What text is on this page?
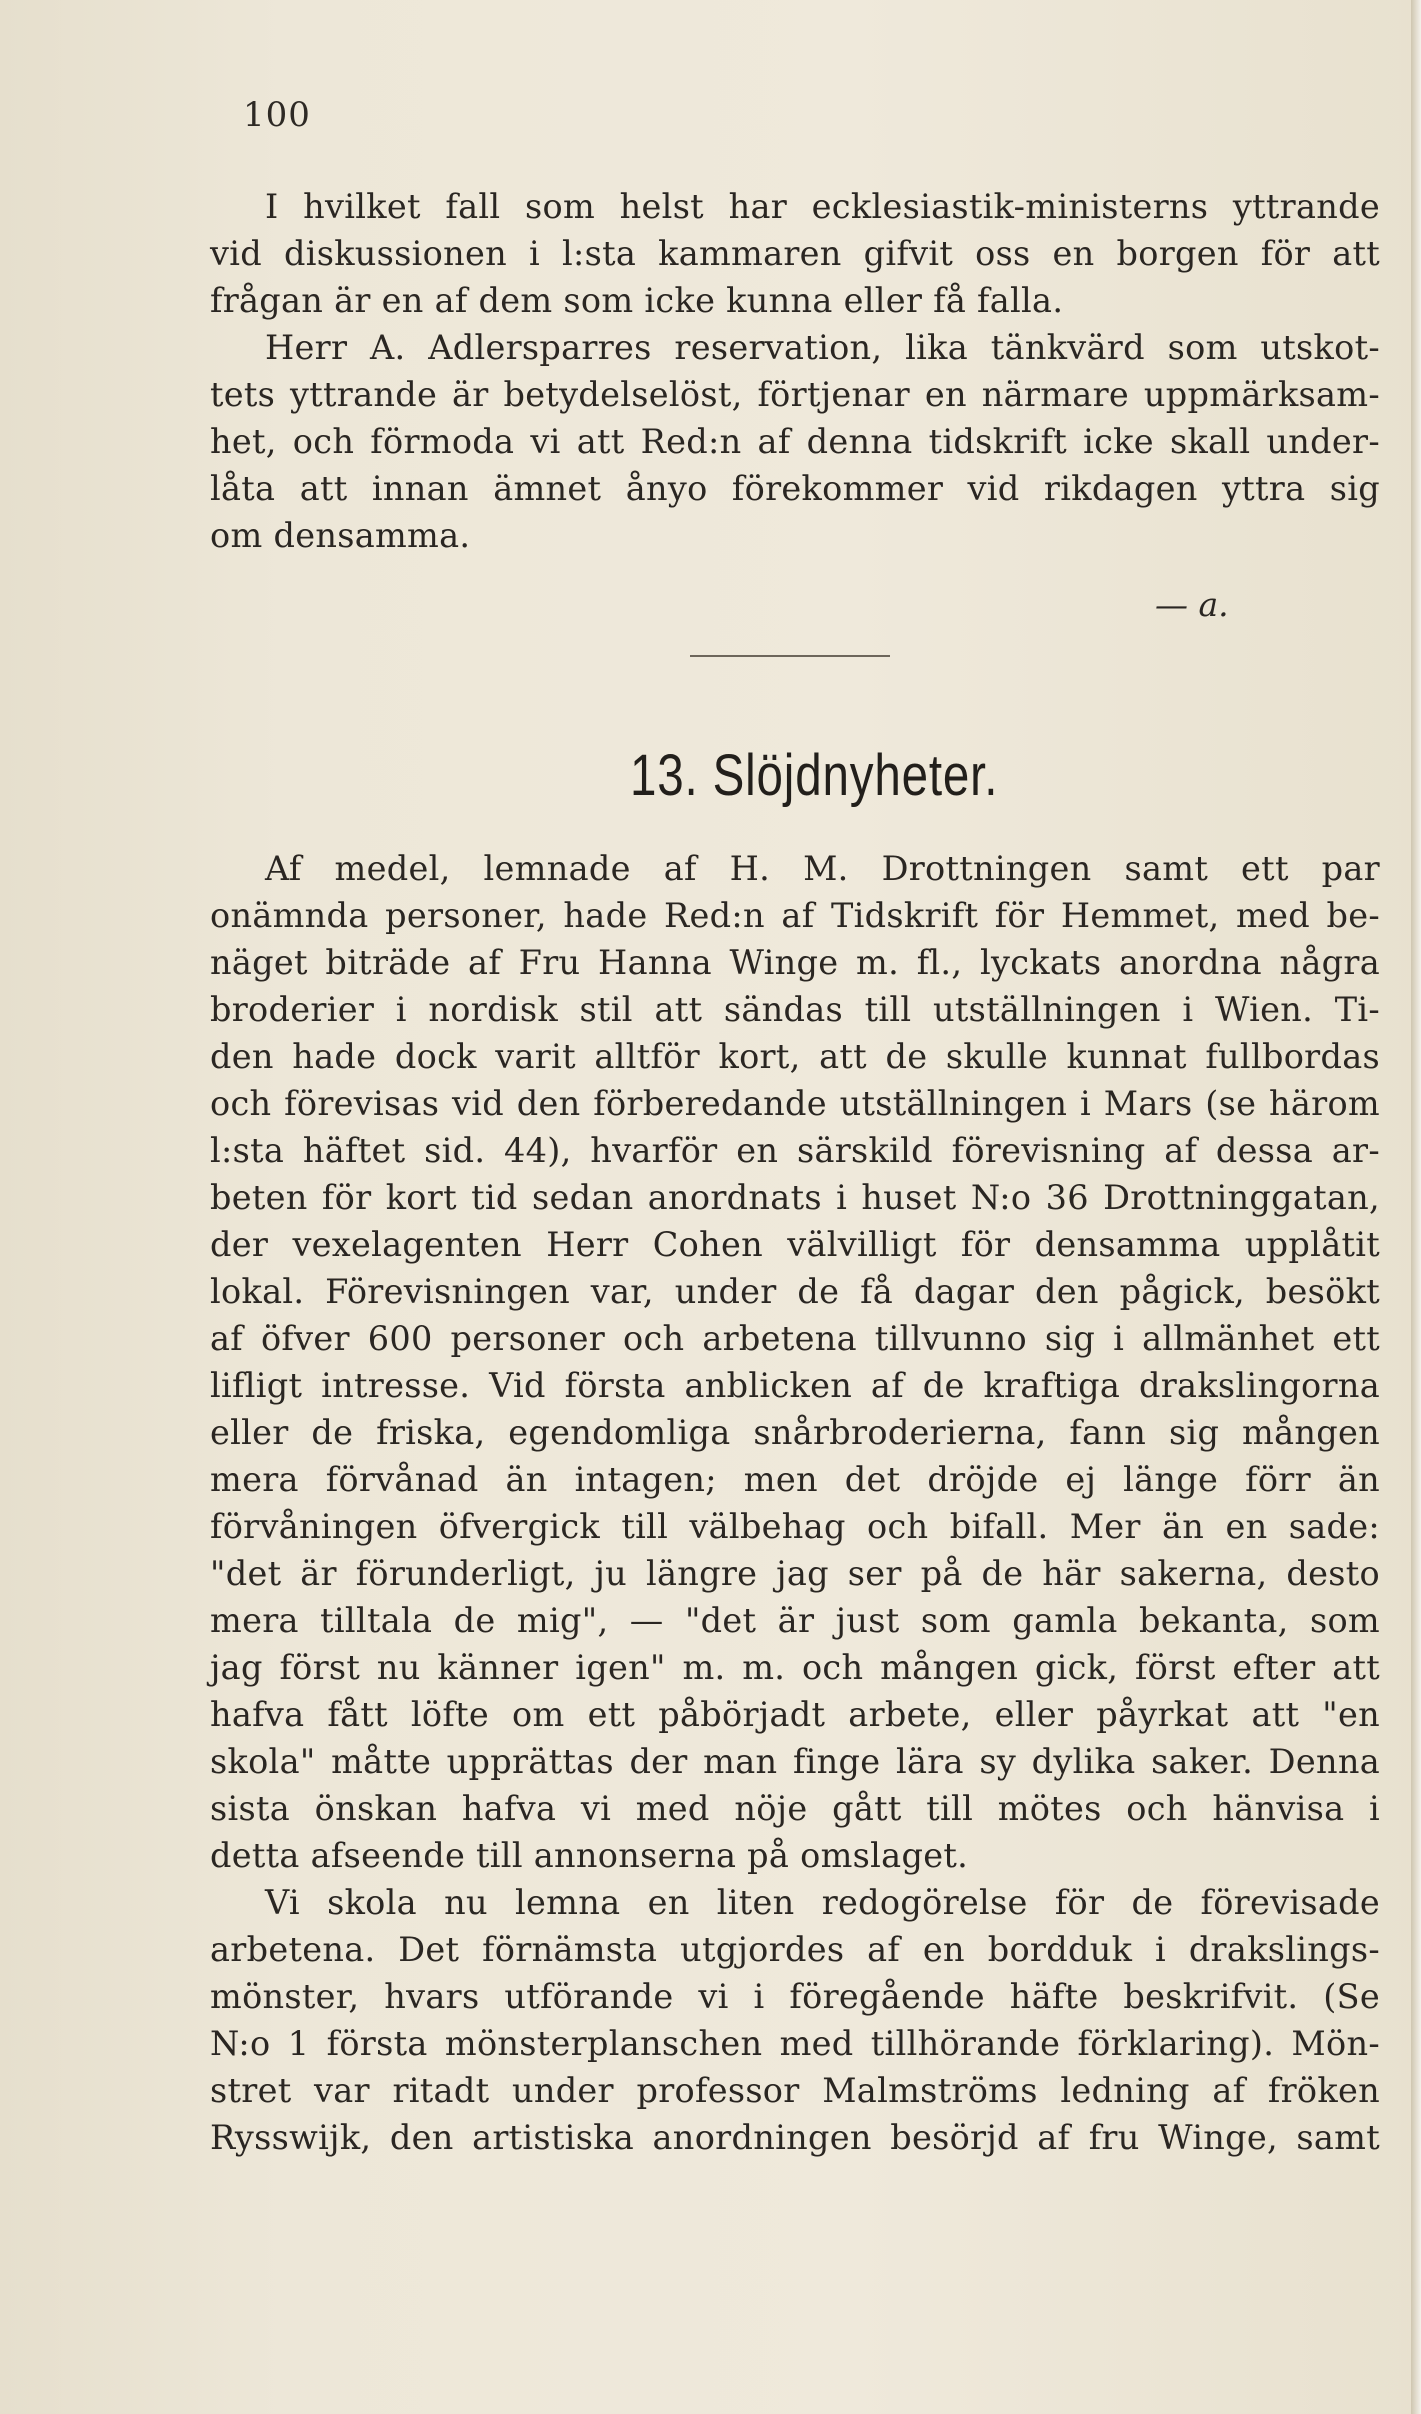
100
I hvilket fall som helst har ecklesiastik-ministerns yttrande
vid diskussionen i l:sta kammaren gifvit oss en borgen för att
frågan är en af dem som icke kunna eller få falla.
Herr A. Adlersparres reservation, lika tänkvärd som utskot-
tets yttrande är betydelselöst, förtjenar en närmare uppmärksam-
het, och förmoda vi att Red:n af denna tidskrift icke skall under-
låta att innan ämnet ånyo förekommer vid rikdagen yttra sig
om densamma.
— a.
13. Slöjdnyheter.
Af medel, lemnade af H. M. Drottningen samt ett par
onämnda personer, hade Red:n af Tidskrift för Hemmet, med be-
näget biträde af Fru Hanna Winge m. fl., lyckats anordna några
broderier i nordisk stil att sändas till utställningen i Wien. Ti-
den hade dock varit alltför kort, att de skulle kunnat fullbordas
och förevisas vid den förberedande utställningen i Mars (se härom
l:sta häftet sid. 44), hvarför en särskild förevisning af dessa ar-
beten för kort tid sedan anordnats i huset N:o 36 Drottninggatan,
der vexelagenten Herr Cohen välvilligt för densamma upplåtit
lokal. Förevisningen var, under de få dagar den pågick, besökt
af öfver 600 personer och arbetena tillvunno sig i allmänhet ett
lifligt intresse. Vid första anblicken af de kraftiga drakslingorna
eller de friska, egendomliga snårbroderierna, fann sig mången
mera förvånad än intagen; men det dröjde ej länge förr än
förvåningen öfvergick till välbehag och bifall. Mer än en sade:
"det är förunderligt, ju längre jag ser på de här sakerna, desto
mera tilltala de mig", — "det är just som gamla bekanta, som
jag först nu känner igen" m. m. och mången gick, först efter att
hafva fått löfte om ett påbörjadt arbete, eller påyrkat att "en
skola" måtte upprättas der man finge lära sy dylika saker. Denna
sista önskan hafva vi med nöje gått till mötes och hänvisa i
detta afseende till annonserna på omslaget.
Vi skola nu lemna en liten redogörelse för de förevisade
arbetena. Det förnämsta utgjordes af en bordduk i drakslings-
mönster, hvars utförande vi i föregående häfte beskrifvit. (Se
N:o 1 första mönsterplanschen med tillhörande förklaring). Mön-
stret var ritadt under professor Malmströms ledning af fröken
Rysswijk, den artistiska anordningen besörjd af fru Winge, samt
